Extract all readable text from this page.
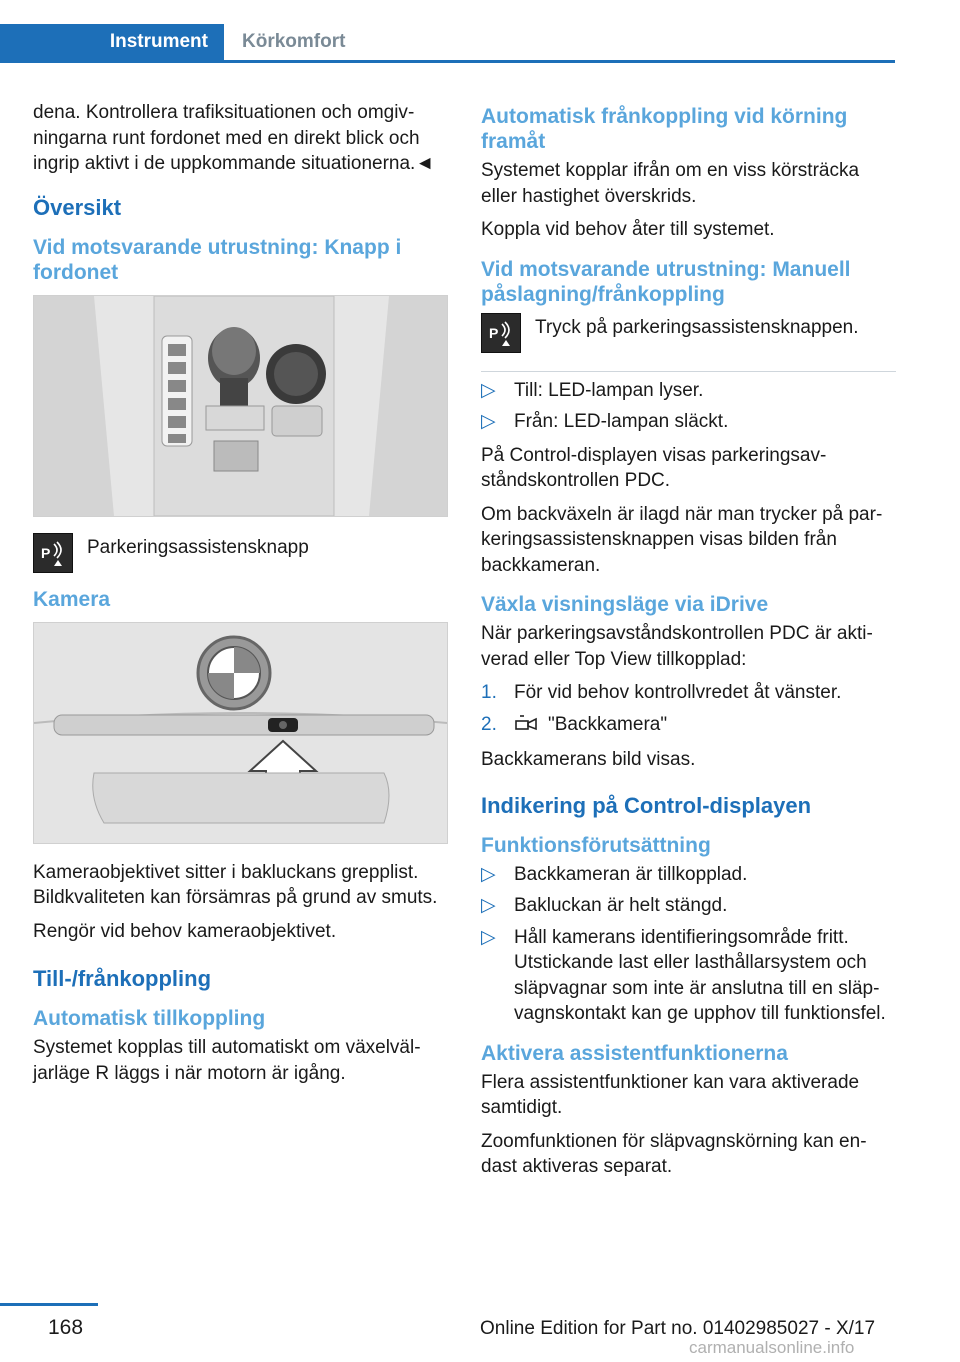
Instrument Körkomfort

dena. Kontrollera trafiksituationen och omgivningarna runt fordonet med en direkt blick och ingrip aktivt i de uppkommande situationerna.◄

Översikt
Vid motsvarande utrustning: Knapp i fordonet
P Parkeringsassistensknapp
Kamera

Kameraobjektivet sitter i bakluckans grepplist. Bildkvaliteten kan försämras på grund av smuts.

Rengör vid behov kameraobjektivet.

Till-/frånkoppling
Automatisk tillkoppling

Systemet kopplas till automatiskt om växelväljarläge R läggs i när motorn är igång.

Automatisk frånkoppling vid körning framåt

Systemet kopplar ifrån om en viss körsträcka eller hastighet överskrids.

Koppla vid behov åter till systemet.

Vid motsvarande utrustning: Manuell påslagning/frånkoppling
P Tryck på parkeringsassistensknappen.
▷ Till: LED-lampan lyser.
▷ Från: LED-lampan släckt.

På Control-displayen visas parkeringsavståndskontrollen PDC.

Om backväxeln är ilagd när man trycker på parkeringsassistensknappen visas bilden från backkameran.

Växla visningsläge via iDrive

När parkeringsavståndskontrollen PDC är aktiverad eller Top View tillkopplad:

1. För vid behov kontrollvredet åt vänster.
2.	"Backkamera"

Backkamerans bild visas.

Indikering på Control-displayen
Funktionsförutsättning
▷ Backkameran är tillkopplad.
▷ Bakluckan är helt stängd.
▷ Håll kamerans identifieringsområde fritt. Utstickande last eller lasthållarsystem och släpvagnar som inte är anslutna till en släpvagnskontakt kan ge upphov till funktionsfel.
Aktivera assistentfunktionerna

Flera assistentfunktioner kan vara aktiverade samtidigt.

Zoomfunktionen för släpvagnskörning kan endast aktiveras separat.

168	Online Edition for Part no. 01402985027 - X/17
carmanualsonline.info
